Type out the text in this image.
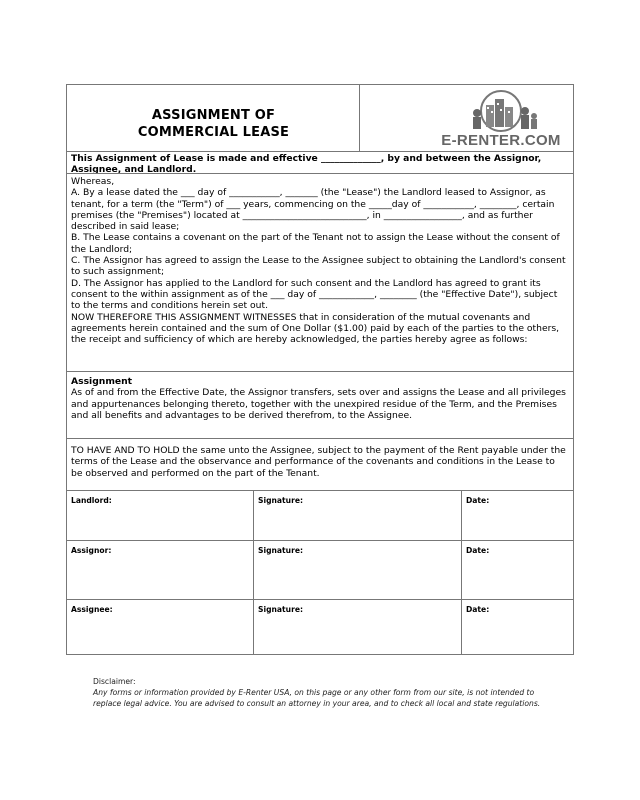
ASSIGNMENT OF
COMMERCIAL LEASE	E-RENTER.COM
This Assignment of Lease is made and effective _____________, by and between the Assignor, Assignee, and Landlord.

Whereas,

A. By a lease dated the ___ day of ___________, _______ (the "Lease") the Landlord leased to Assignor, as tenant, for a term (the "Term") of ___ years, commencing on the _____day of ___________, ________, certain premises (the "Premises") located at ___________________________, in _________________, and as further described in said lease;

B. The Lease contains a covenant on the part of the Tenant not to assign the Lease without the consent of the Landlord;

C. The Assignor has agreed to assign the Lease to the Assignee subject to obtaining the Landlord's consent to such assignment;

D. The Assignor has applied to the Landlord for such consent and the Landlord has agreed to grant its consent to the within assignment as of the ___ day of ____________, ________ (the "Effective Date"), subject to the terms and conditions herein set out.

NOW THEREFORE THIS ASSIGNMENT WITNESSES that in consideration of the mutual covenants and agreements herein contained and the sum of One Dollar ($1.00) paid by each of the parties to the others, the receipt and sufficiency of which are hereby acknowledged, the parties hereby agree as follows:

Assignment
As of and from the Effective Date, the Assignor transfers, sets over and assigns the Lease and all privileges and appurtenances belonging thereto, together with the unexpired residue of the Term, and the Premises and all benefits and advantages to be derived therefrom, to the Assignee.
TO HAVE AND TO HOLD the same unto the Assignee, subject to the payment of the Rent payable under the terms of the Lease and the observance and performance of the covenants and conditions in the Lease to be observed and performed on the part of the Tenant.
Landlord:	Signature:	Date:
Assignor:	Signature:	Date:
Assignee:	Signature:	Date:
Disclaimer:
Any forms or information provided by E-Renter USA, on this page or any other form from our site, is not intended to replace legal advice. You are advised to consult an attorney in your area, and to check all local and state regulations.
